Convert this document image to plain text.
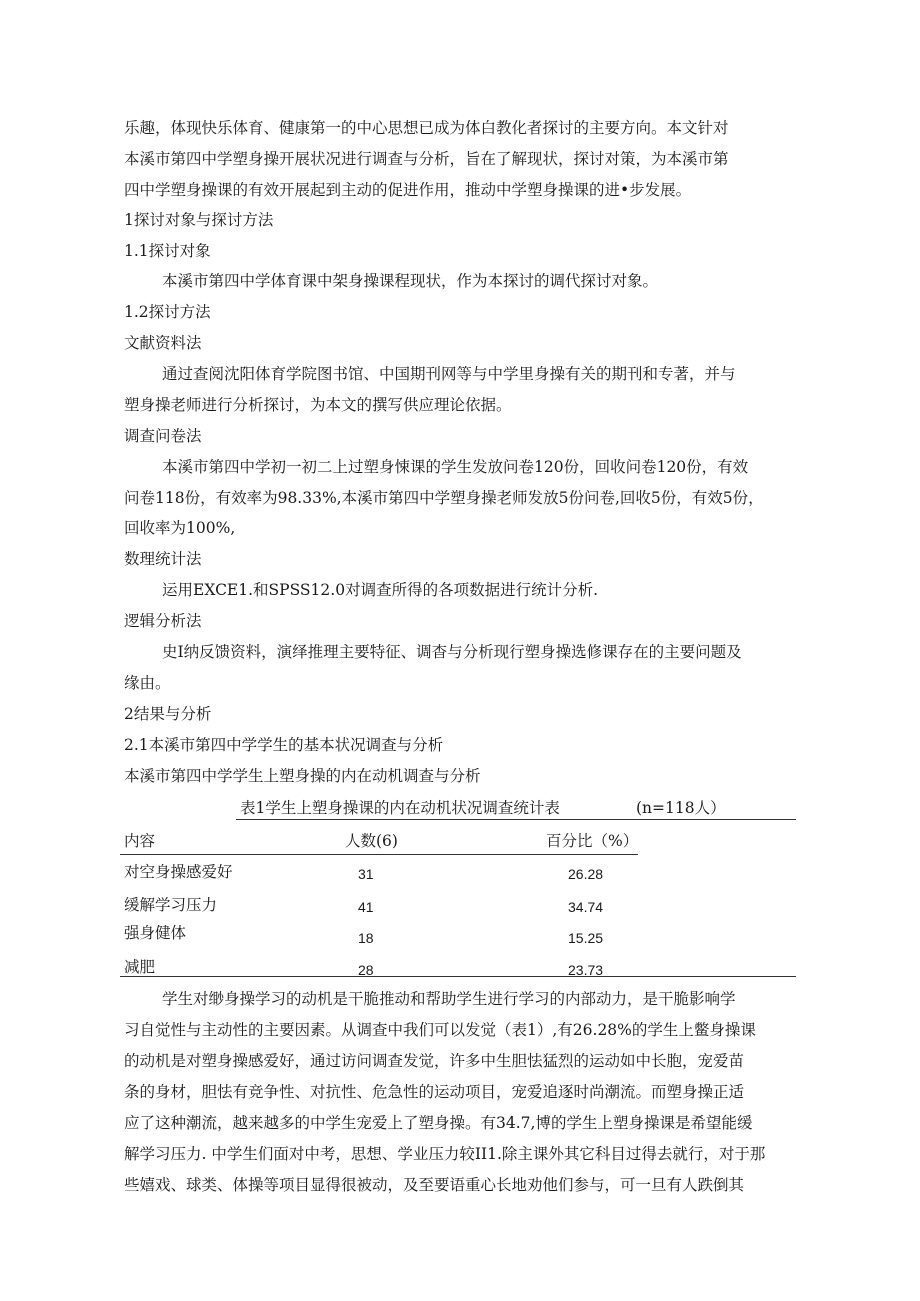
乐趣，体现快乐体育、健康第一的中心思想已成为体白教化者探讨的主要方向。本文针对
本溪市第四中学塑身操开展状况进行调查与分析，旨在了解现状，探讨对策，为本溪市第
四中学塑身操课的有效开展起到主动的促进作用，推动中学塑身操课的进•步发展。
1探讨对象与探讨方法
1.1探讨对象
本溪市第四中学体育课中架身操课程现状，作为本探讨的调代探讨对象。
1.2探讨方法
文献资料法
通过查阅沈阳体育学院图书馆、中国期刊网等与中学里身操有关的期刊和专著，并与
塑身操老师进行分析探讨，为本文的撰写供应理论依据。
调查问卷法
本溪市第四中学初一初二上过塑身悚课的学生发放问卷120份，回收问卷120份，有效
问卷118份，有效率为98.33%,本溪市第四中学塑身操老师发放5份问卷,回收5份，有效5份，
回收率为100%,
数理统计法
运用EXCE1.和SPSS12.0对调查所得的各项数据进行统计分析.
逻辑分析法
史I纳反馈资料，演绎推理主要特征、调杳与分析现行塑身操选修课存在的主要问题及
缘由。
2结果与分析
2.1本溪市第四中学学生的基本状况调查与分析
本溪市第四中学学生上塑身操的内在动机调查与分析
表1学生上塑身操课的内在动机状况调查统计表	(n=118人）
内容	人数(6)	百分比（%）
对空身操感爱好	31	26.28
缓解学习压力	41	34.74
强身健体	18	15.25
减肥	28	23.73
学生对缈身操学习的动机是干脆推动和帮助学生进行学习的内部动力，是干脆影响学
习自觉性与主动性的主要因素。从调查中我们可以发觉（表1）,有26.28%的学生上鳖身操课
的动机是对塑身操感爱好，通过访问调查发觉，许多中生胆怯猛烈的运动如中长胞，宠爱苗
条的身材，胆怯有竞争性、对抗性、危急性的运动项目，宠爱追逐时尚潮流。而塑身操正适
应了这种潮流，越来越多的中学生宠爱上了塑身操。有34.7,博的学生上塑身操课是希望能缓
解学习压力. 中学生们面对中考，思想、学业压力较II1.除主课外其它科目过得去就行，对于那
些嬉戏、球类、体操等项目显得很被动，及至要语重心长地劝他们参与，可一旦有人跌倒其
